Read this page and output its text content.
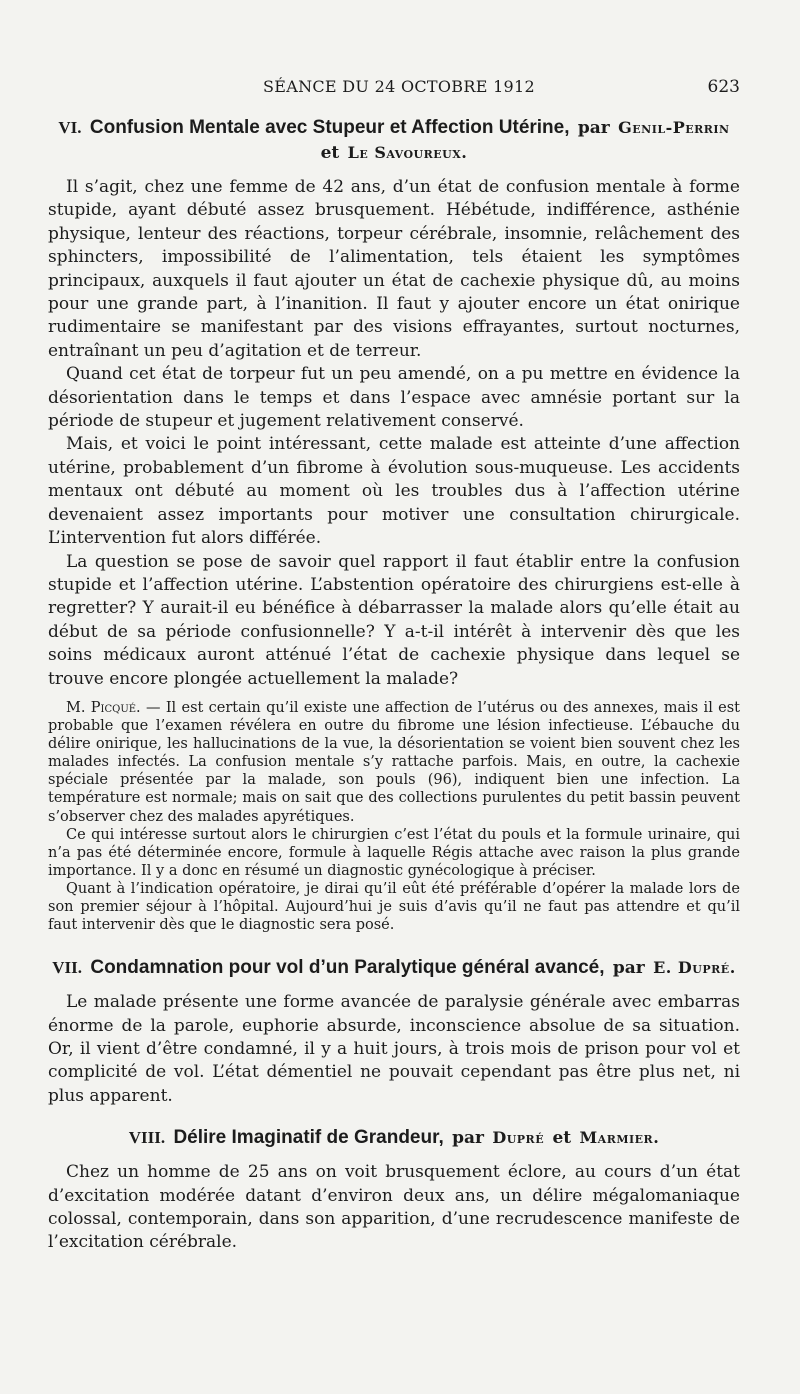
SÉANCE DU 24 OCTOBRE 1912	623
VI. Confusion Mentale avec Stupeur et Affection Utérine, par Genil-Perrin et Le Savoureux.

Il s’agit, chez une femme de 42 ans, d’un état de confusion mentale à forme stupide, ayant débuté assez brusquement. Hébétude, indifférence, asthénie physique, lenteur des réactions, torpeur cérébrale, insomnie, relâchement des sphincters, impossibilité de l’alimentation, tels étaient les symptômes principaux, auxquels il faut ajouter un état de cachexie physique dû, au moins pour une grande part, à l’inanition. Il faut y ajouter encore un état onirique rudimentaire se manifestant par des visions effrayantes, surtout nocturnes, entraînant un peu d’agitation et de terreur.

Quand cet état de torpeur fut un peu amendé, on a pu mettre en évidence la désorientation dans le temps et dans l’espace avec amnésie portant sur la période de stupeur et jugement relativement conservé.

Mais, et voici le point intéressant, cette malade est atteinte d’une affection utérine, probablement d’un fibrome à évolution sous-muqueuse. Les accidents mentaux ont débuté au moment où les troubles dus à l’affection utérine devenaient assez importants pour motiver une consultation chirurgicale. L’intervention fut alors différée.

La question se pose de savoir quel rapport il faut établir entre la confusion stupide et l’affection utérine. L’abstention opératoire des chirurgiens est-elle à regretter? Y aurait-il eu bénéfice à débarrasser la malade alors qu’elle était au début de sa période confusionnelle? Y a-t-il intérêt à intervenir dès que les soins médicaux auront atténué l’état de cachexie physique dans lequel se trouve encore plongée actuellement la malade?

M. Picqué. — Il est certain qu’il existe une affection de l’utérus ou des annexes, mais il est probable que l’examen révélera en outre du fibrome une lésion infectieuse. L’ébauche du délire onirique, les hallucinations de la vue, la désorientation se voient bien souvent chez les malades infectés. La confusion mentale s’y rattache parfois. Mais, en outre, la cachexie spéciale présentée par la malade, son pouls (96), indiquent bien une infection. La température est normale; mais on sait que des collections purulentes du petit bassin peuvent s’observer chez des malades apyrétiques.

Ce qui intéresse surtout alors le chirurgien c’est l’état du pouls et la formule urinaire, qui n’a pas été déterminée encore, formule à laquelle Régis attache avec raison la plus grande importance. Il y a donc en résumé un diagnostic gynécologique à préciser.

Quant à l’indication opératoire, je dirai qu’il eût été préférable d’opérer la malade lors de son premier séjour à l’hôpital. Aujourd’hui je suis d’avis qu’il ne faut pas attendre et qu’il faut intervenir dès que le diagnostic sera posé.

VII. Condamnation pour vol d’un Paralytique général avancé, par E. Dupré.

Le malade présente une forme avancée de paralysie générale avec embarras énorme de la parole, euphorie absurde, inconscience absolue de sa situation. Or, il vient d’être condamné, il y a huit jours, à trois mois de prison pour vol et complicité de vol. L’état démentiel ne pouvait cependant pas être plus net, ni plus apparent.

VIII. Délire Imaginatif de Grandeur, par Dupré et Marmier.

Chez un homme de 25 ans on voit brusquement éclore, au cours d’un état d’excitation modérée datant d’environ deux ans, un délire mégalomaniaque colossal, contemporain, dans son apparition, d’une recrudescence manifeste de l’excitation cérébrale.
